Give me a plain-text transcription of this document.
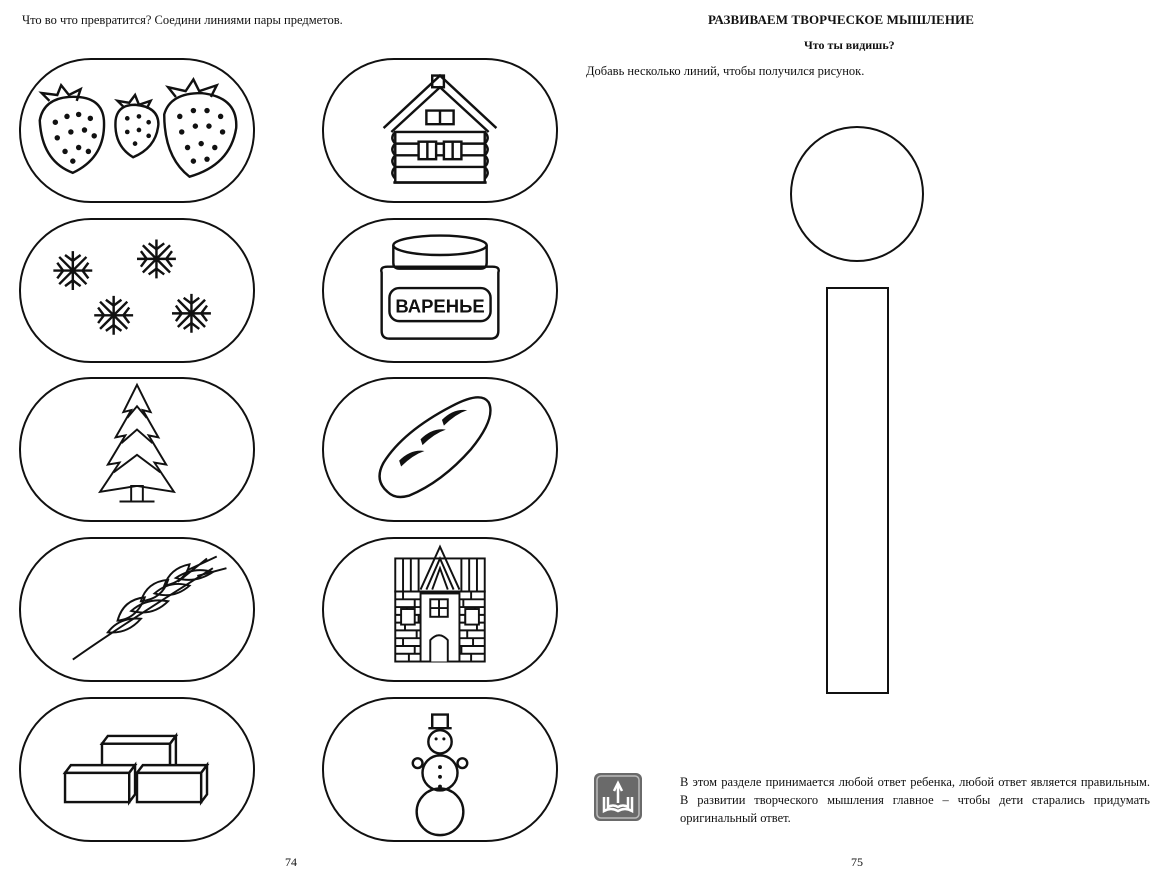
Что во что превратится? Соедини линиями пары предметов.
ВАРЕНЬЕ
74
РАЗВИВАЕМ ТВОРЧЕСКОЕ МЫШЛЕНИЕ
Что ты видишь?
Добавь несколько линий, чтобы получился рисунок.
В этом разделе принимается любой ответ ребенка, любой ответ является правильным. В развитии творческого мышления главное – чтобы дети старались придумать оригинальный ответ.
75
